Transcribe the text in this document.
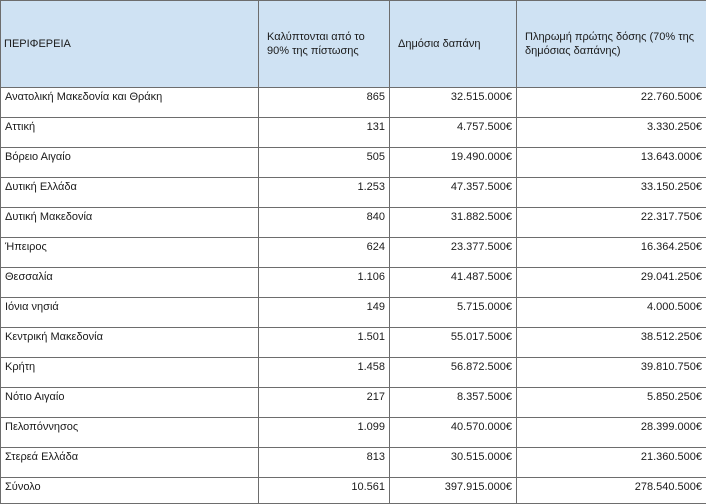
ΠΕΡΙΦΕΡΕΙΑ	Καλύπτονται από το 90% της πίστωσης	Δημόσια δαπάνη	Πληρωμή πρώτης δόσης (70% της δημόσιας δαπάνης)
Ανατολική Μακεδονία και Θράκη	865	32.515.000€	22.760.500€
Αττική	131	4.757.500€	3.330.250€
Βόρειο Αιγαίο	505	19.490.000€	13.643.000€
Δυτική Ελλάδα	1.253	47.357.500€	33.150.250€
Δυτική Μακεδονία	840	31.882.500€	22.317.750€
Ήπειρος	624	23.377.500€	16.364.250€
Θεσσαλία	1.106	41.487.500€	29.041.250€
Ιόνια νησιά	149	5.715.000€	4.000.500€
Κεντρική Μακεδονία	1.501	55.017.500€	38.512.250€
Κρήτη	1.458	56.872.500€	39.810.750€
Νότιο Αιγαίο	217	8.357.500€	5.850.250€
Πελοπόννησος	1.099	40.570.000€	28.399.000€
Στερεά Ελλάδα	813	30.515.000€	21.360.500€
Σύνολο	10.561	397.915.000€	278.540.500€
